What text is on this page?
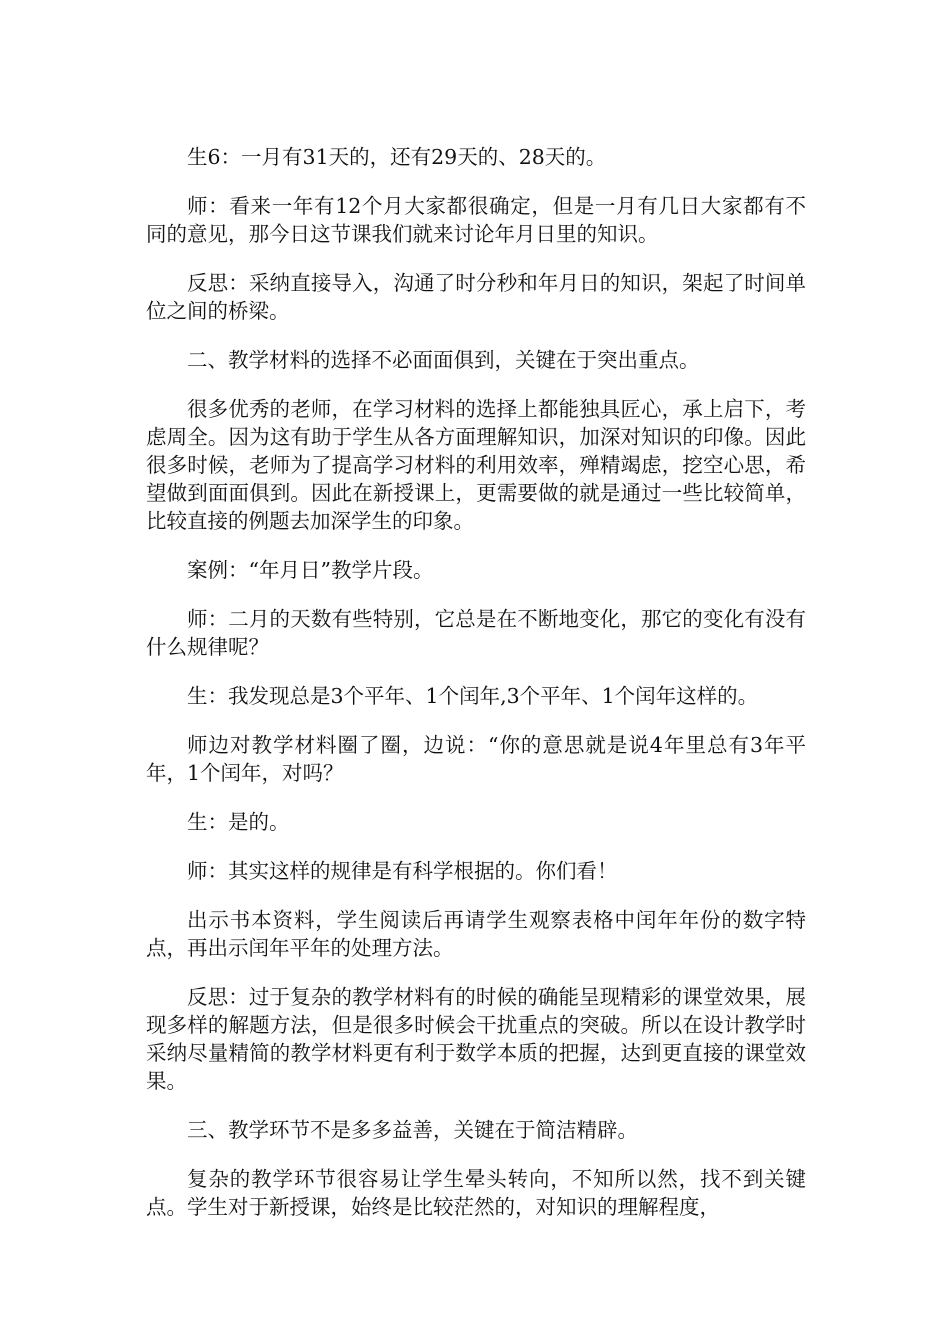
生6：一月有31天的，还有29天的、28天的。

师：看来一年有12个月大家都很确定，但是一月有几日大家都有不同的意见，那今日这节课我们就来讨论年月日里的知识。

反思：采纳直接导入，沟通了时分秒和年月日的知识，架起了时间单位之间的桥梁。

二、教学材料的选择不必面面俱到，关键在于突出重点。

很多优秀的老师，在学习材料的选择上都能独具匠心，承上启下，考虑周全。因为这有助于学生从各方面理解知识，加深对知识的印像。因此很多时候，老师为了提高学习材料的利用效率，殚精竭虑，挖空心思，希望做到面面俱到。因此在新授课上，更需要做的就是通过一些比较简单，比较直接的例题去加深学生的印象。

案例：“年月日”教学片段。

师：二月的天数有些特别，它总是在不断地变化，那它的变化有没有什么规律呢？

生：我发现总是3个平年、1个闰年,3个平年、1个闰年这样的。

师边对教学材料圈了圈，边说：“你的意思就是说4年里总有3年平年，1个闰年，对吗？

生：是的。

师：其实这样的规律是有科学根据的。你们看！

出示书本资料，学生阅读后再请学生观察表格中闰年年份的数字特点，再出示闰年平年的处理方法。

反思：过于复杂的教学材料有的时候的确能呈现精彩的课堂效果，展现多样的解题方法，但是很多时候会干扰重点的突破。所以在设计教学时采纳尽量精简的教学材料更有利于数学本质的把握，达到更直接的课堂效果。

三、教学环节不是多多益善，关键在于简洁精辟。

复杂的教学环节很容易让学生晕头转向，不知所以然，找不到关键点。学生对于新授课，始终是比较茫然的，对知识的理解程度，
